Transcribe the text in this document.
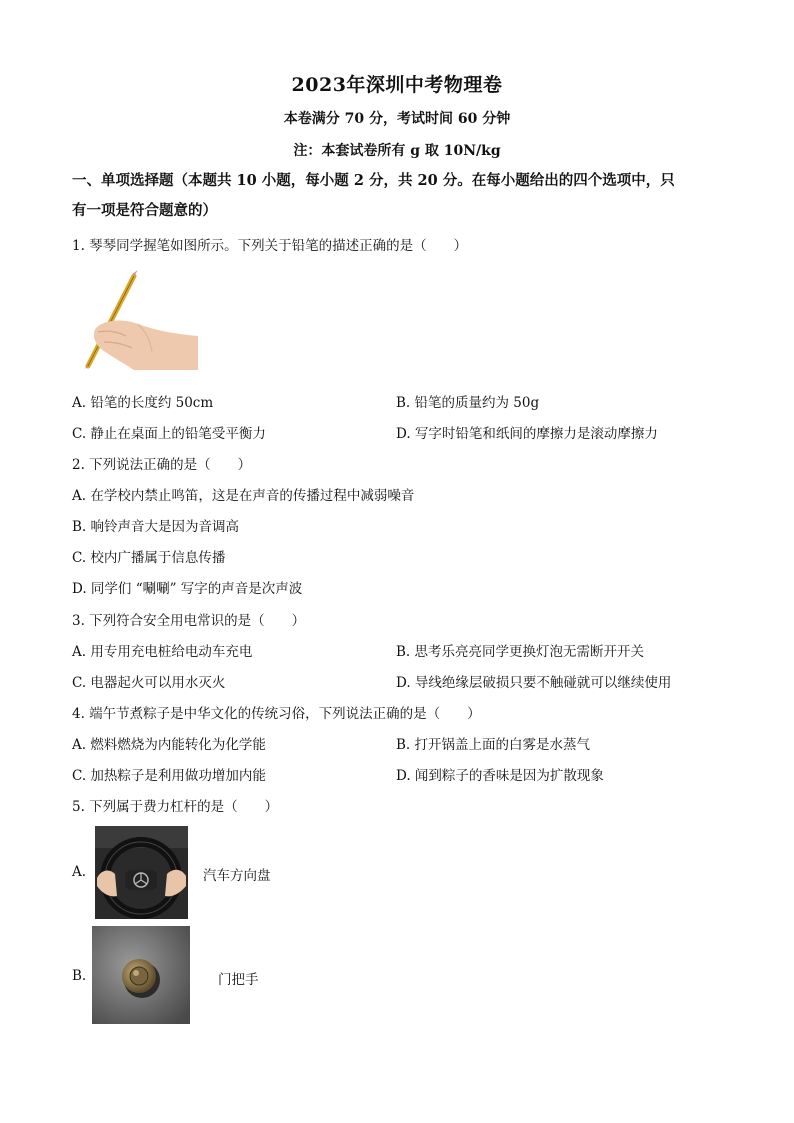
2023年深圳中考物理卷
本卷满分 70 分，考试时间 60 分钟
注：本套试卷所有 g 取 10N/kg
一、单项选择题（本题共 10 小题，每小题 2 分，共 20 分。在每小题给出的四个选项中，只
有一项是符合题意的）
1. 琴琴同学握笔如图所示。下列关于铅笔的描述正确的是（　　）
A. 铅笔的长度约 50cm	B. 铅笔的质量约为 50g
C. 静止在桌面上的铅笔受平衡力	D. 写字时铅笔和纸间的摩擦力是滚动摩擦力
2. 下列说法正确的是（　　）
A. 在学校内禁止鸣笛，这是在声音的传播过程中减弱噪音
B. 响铃声音大是因为音调高
C. 校内广播属于信息传播
D. 同学们 “唰唰” 写字的声音是次声波
3. 下列符合安全用电常识的是（　　）
A. 用专用充电桩给电动车充电	B. 思考乐亮亮同学更换灯泡无需断开开关
C. 电器起火可以用水灭火	D. 导线绝缘层破损只要不触碰就可以继续使用
4. 端午节煮粽子是中华文化的传统习俗，下列说法正确的是（　　）
A. 燃料燃烧为内能转化为化学能	B. 打开锅盖上面的白雾是水蒸气
C. 加热粽子是利用做功增加内能	D. 闻到粽子的香味是因为扩散现象
5. 下列属于费力杠杆的是（　　）
A.	汽车方向盘
B.	门把手
